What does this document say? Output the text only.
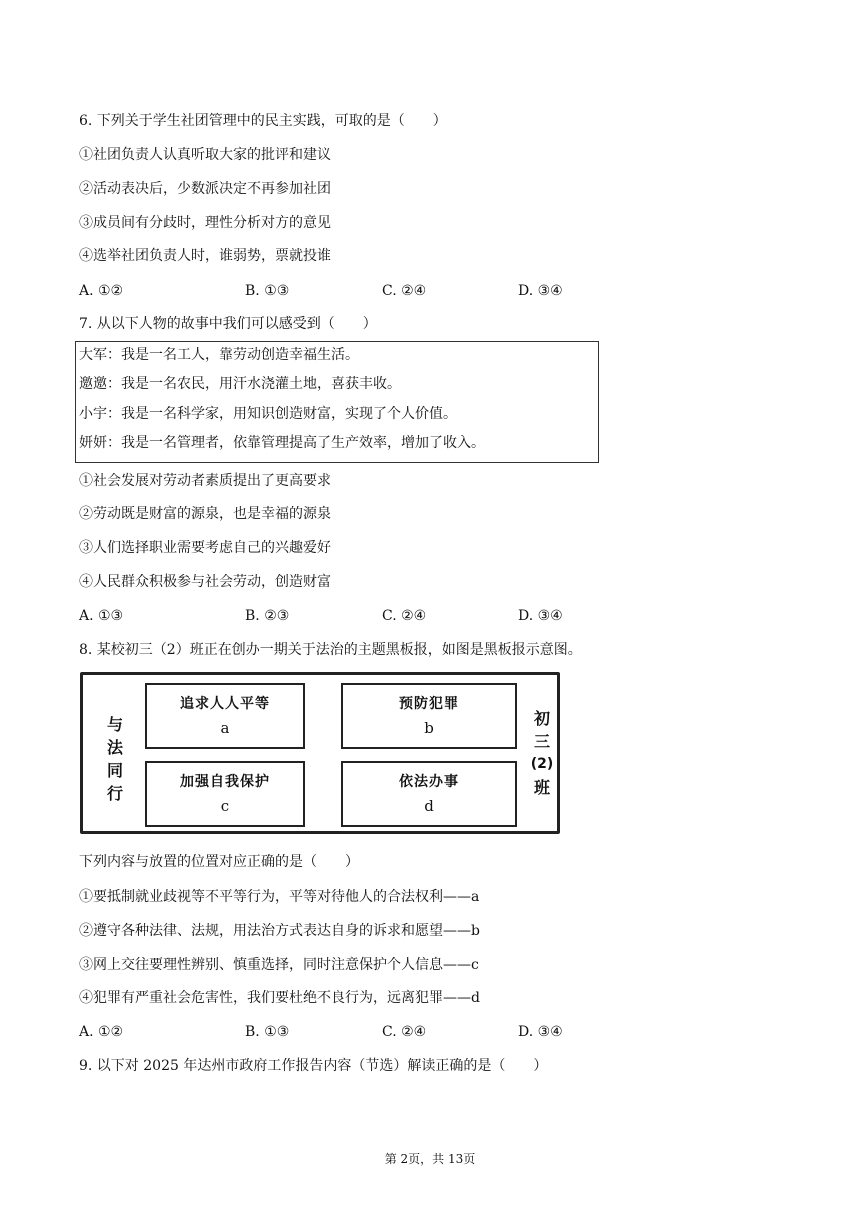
6. 下列关于学生社团管理中的民主实践，可取的是（　　）
①社团负责人认真听取大家的批评和建议
②活动表决后，少数派决定不再参加社团
③成员间有分歧时，理性分析对方的意见
④选举社团负责人时，谁弱势，票就投谁
A. ①②	B. ①③	C. ②④	D. ③④
7. 从以下人物的故事中我们可以感受到（　　）
大军：我是一名工人，靠劳动创造幸福生活。
邀邀：我是一名农民，用汗水浇灌土地，喜获丰收。
小宇：我是一名科学家，用知识创造财富，实现了个人价值。
妍妍：我是一名管理者，依靠管理提高了生产效率，增加了收入。
①社会发展对劳动者素质提出了更高要求
②劳动既是财富的源泉，也是幸福的源泉
③人们选择职业需要考虑自己的兴趣爱好
④人民群众积极参与社会劳动，创造财富
A. ①③	B. ②③	C. ②④	D. ③④
8. 某校初三（2）班正在创办一期关于法治的主题黑板报，如图是黑板报示意图。
与
法
同
行
追求人人平等
a
预防犯罪
b
加强自我保护
c
依法办事
d
初
三
(2)
班
下列内容与放置的位置对应正确的是（　　）
①要抵制就业歧视等不平等行为，平等对待他人的合法权利——a
②遵守各种法律、法规，用法治方式表达自身的诉求和愿望——b
③网上交往要理性辨别、慎重选择，同时注意保护个人信息——c
④犯罪有严重社会危害性，我们要杜绝不良行为，远离犯罪——d
A. ①②	B. ①③	C. ②④	D. ③④
9. 以下对 2025 年达州市政府工作报告内容（节选）解读正确的是（　　）
第 2页，共 13页
